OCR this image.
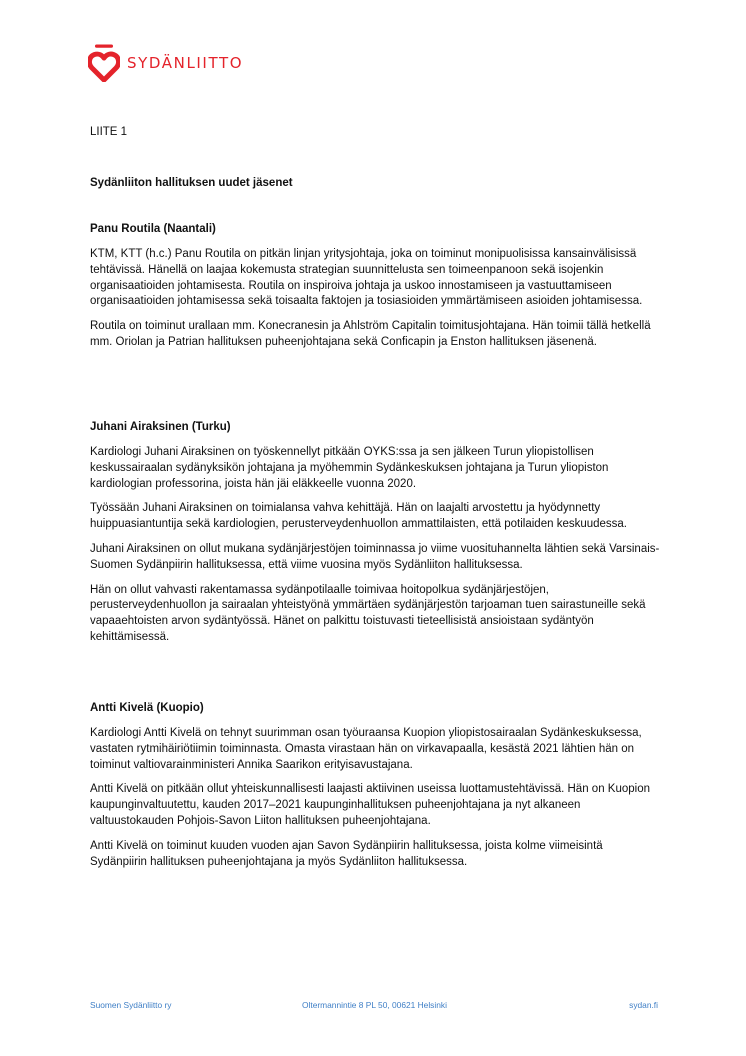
SYDÄNLIITTO
LIITE 1
Sydänliiton hallituksen uudet jäsenet
Panu Routila (Naantali)

KTM, KTT (h.c.) Panu Routila on pitkän linjan yritysjohtaja, joka on toiminut monipuolisissa kansainvälisissä tehtävissä. Hänellä on laajaa kokemusta strategian suunnittelusta sen toimeenpanoon sekä isojenkin organisaatioiden johtamisesta. Routila on inspiroiva johtaja ja uskoo innostamiseen ja vastuuttamiseen organisaatioiden johtamisessa sekä toisaalta faktojen ja tosiasioiden ymmärtämiseen asioiden johtamisessa.

Routila on toiminut urallaan mm. Konecranesin ja Ahlström Capitalin toimitusjohtajana. Hän toimii tällä hetkellä mm. Oriolan ja Patrian hallituksen puheenjohtajana sekä Conficapin ja Enston hallituksen jäsenenä.

Juhani Airaksinen (Turku)

Kardiologi Juhani Airaksinen on työskennellyt pitkään OYKS:ssa ja sen jälkeen Turun yliopistollisen keskussairaalan sydänyksikön johtajana ja myöhemmin Sydänkeskuksen johtajana ja Turun yliopiston kardiologian professorina, joista hän jäi eläkkeelle vuonna 2020.

Työssään Juhani Airaksinen on toimialansa vahva kehittäjä. Hän on laajalti arvostettu ja hyödynnetty huippuasiantuntija sekä kardiologien, perusterveydenhuollon ammattilaisten, että potilaiden keskuudessa.

Juhani Airaksinen on ollut mukana sydänjärjestöjen toiminnassa jo viime vuosituhannelta lähtien sekä Varsinais-Suomen Sydänpiirin hallituksessa, että viime vuosina myös Sydänliiton hallituksessa.

Hän on ollut vahvasti rakentamassa sydänpotilaalle toimivaa hoitopolkua sydänjärjestöjen, perusterveydenhuollon ja sairaalan yhteistyönä ymmärtäen sydänjärjestön tarjoaman tuen sairastuneille sekä vapaaehtoisten arvon sydäntyössä. Hänet on palkittu toistuvasti tieteellisistä ansioistaan sydäntyön kehittämisessä.

Antti Kivelä (Kuopio)

Kardiologi Antti Kivelä on tehnyt suurimman osan työuraansa Kuopion yliopistosairaalan Sydänkeskuksessa, vastaten rytmihäiriötiimin toiminnasta. Omasta virastaan hän on virkavapaalla, kesästä 2021 lähtien hän on toiminut valtiovarainministeri Annika Saarikon erityisavustajana.

Antti Kivelä on pitkään ollut yhteiskunnallisesti laajasti aktiivinen useissa luottamustehtävissä. Hän on Kuopion kaupunginvaltuutettu, kauden 2017–2021 kaupunginhallituksen puheenjohtajana ja nyt alkaneen valtuustokauden Pohjois-Savon Liiton hallituksen puheenjohtajana.

Antti Kivelä on toiminut kuuden vuoden ajan Savon Sydänpiirin hallituksessa, joista kolme viimeisintä Sydänpiirin hallituksen puheenjohtajana ja myös Sydänliiton hallituksessa.

Suomen Sydänliitto ry	Oltermannintie 8 PL 50, 00621 Helsinki	sydan.fi
